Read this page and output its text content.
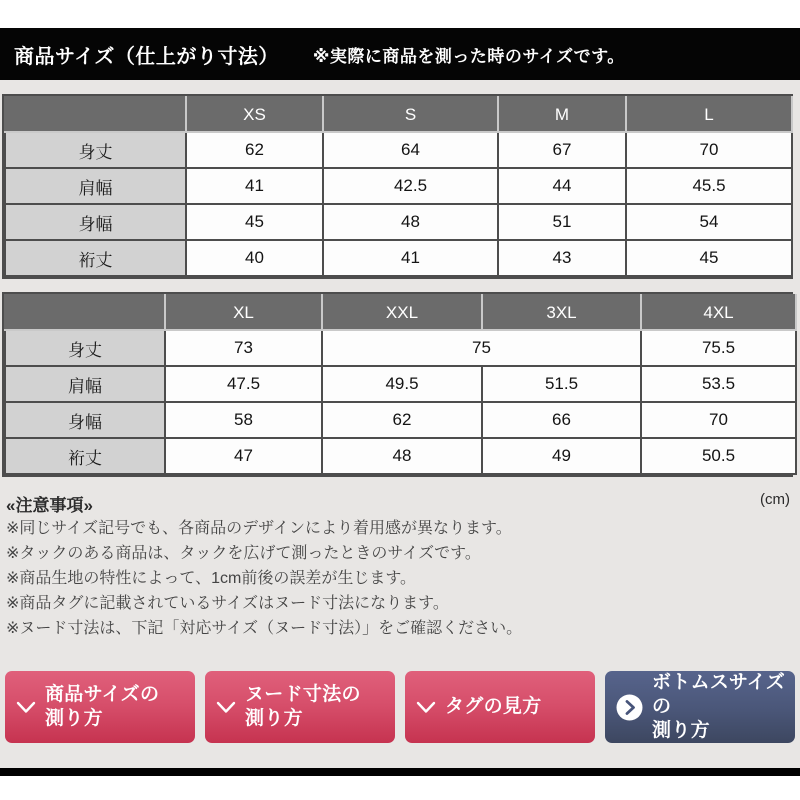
商品サイズ（仕上がり寸法） ※実際に商品を測った時のサイズです。
	XS	S	M	L
身丈	62	64	67	70
肩幅	41	42.5	44	45.5
身幅	45	48	51	54
裄丈	40	41	43	45
	XL	XXL	3XL	4XL
身丈	73	75		75.5
肩幅	47.5	49.5	51.5	53.5
身幅	58	62	66	70
裄丈	47	48	49	50.5
«注意事項»	(cm)
※同じサイズ記号でも、各商品のデザインにより着用感が異なります。
※タックのある商品は、タックを広げて測ったときのサイズです。
※商品生地の特性によって、1cm前後の誤差が生じます。
※商品タグに記載されているサイズはヌード寸法になります。
※ヌード寸法は、下記「対応サイズ（ヌード寸法）」をご確認ください。
商品サイズの
測り方
ヌード寸法の
測り方
タグの見方
ボトムスサイズの
測り方
